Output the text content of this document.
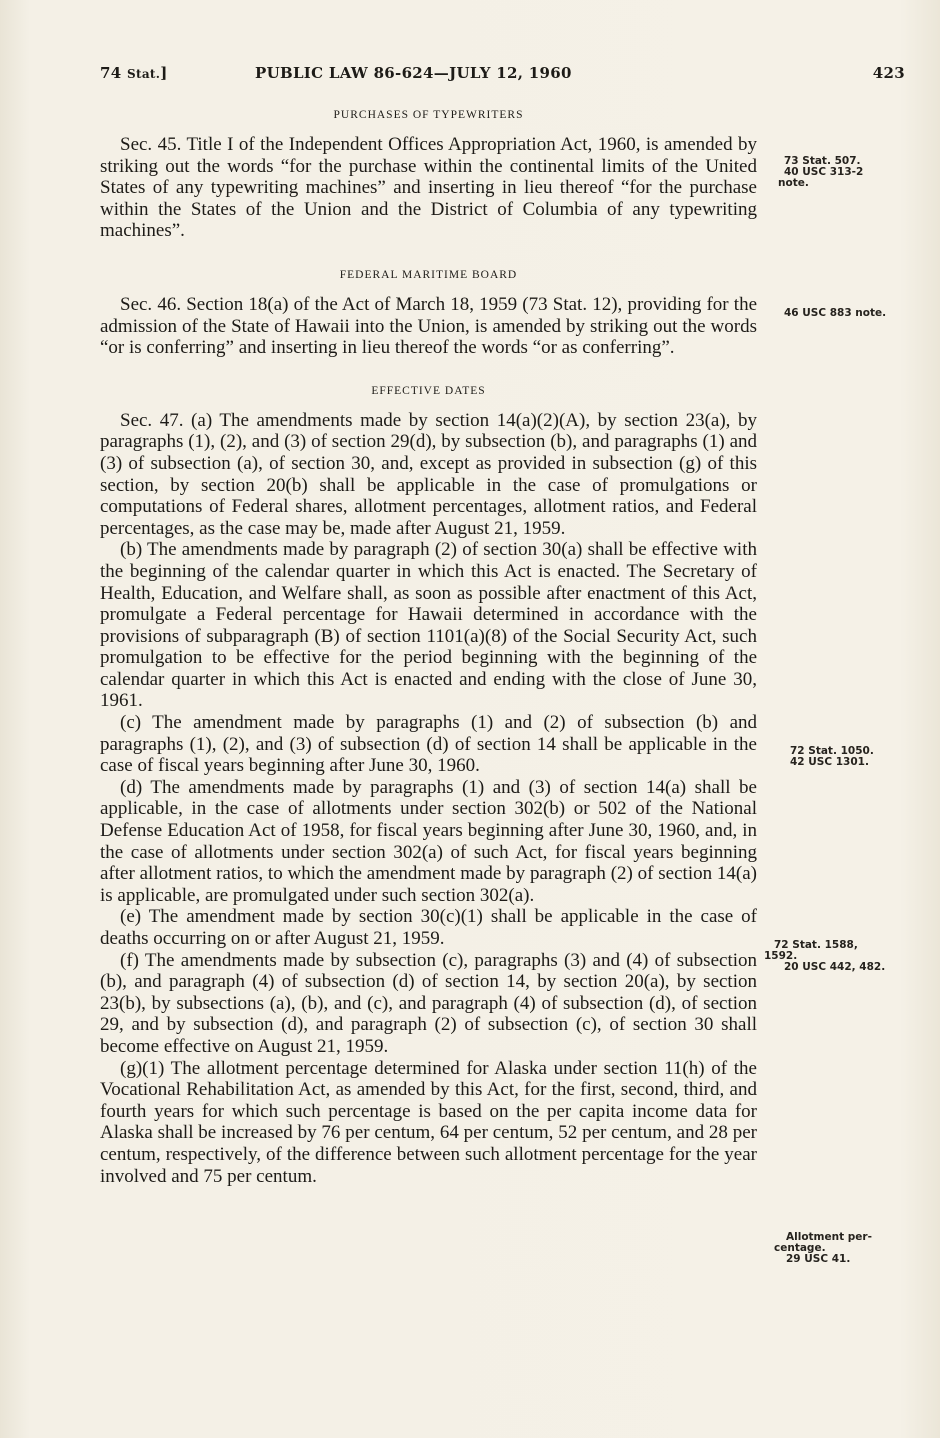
74 Stat.]	PUBLIC LAW 86-624—JULY 12, 1960	423
PURCHASES OF TYPEWRITERS

Sec. 45. Title I of the Independent Offices Appropriation Act, 1960, is amended by striking out the words “for the purchase within the continental limits of the United States of any typewriting machines” and inserting in lieu thereof “for the purchase within the States of the Union and the District of Columbia of any typewriting machines”.

FEDERAL MARITIME BOARD

Sec. 46. Section 18(a) of the Act of March 18, 1959 (73 Stat. 12), providing for the admission of the State of Hawaii into the Union, is amended by striking out the words “or is conferring” and inserting in lieu thereof the words “or as conferring”.

EFFECTIVE DATES

Sec. 47. (a) The amendments made by section 14(a)(2)(A), by section 23(a), by paragraphs (1), (2), and (3) of section 29(d), by subsection (b), and paragraphs (1) and (3) of subsection (a), of section 30, and, except as provided in subsection (g) of this section, by section 20(b) shall be applicable in the case of promulgations or computations of Federal shares, allotment percentages, allotment ratios, and Federal percentages, as the case may be, made after August 21, 1959.

(b) The amendments made by paragraph (2) of section 30(a) shall be effective with the beginning of the calendar quarter in which this Act is enacted. The Secretary of Health, Education, and Welfare shall, as soon as possible after enactment of this Act, promulgate a Federal percentage for Hawaii determined in accordance with the provisions of subparagraph (B) of section 1101(a)(8) of the Social Security Act, such promulgation to be effective for the period beginning with the beginning of the calendar quarter in which this Act is enacted and ending with the close of June 30, 1961.

(c) The amendment made by paragraphs (1) and (2) of subsection (b) and paragraphs (1), (2), and (3) of subsection (d) of section 14 shall be applicable in the case of fiscal years beginning after June 30, 1960.

(d) The amendments made by paragraphs (1) and (3) of section 14(a) shall be applicable, in the case of allotments under section 302(b) or 502 of the National Defense Education Act of 1958, for fiscal years beginning after June 30, 1960, and, in the case of allotments under section 302(a) of such Act, for fiscal years beginning after allotment ratios, to which the amendment made by paragraph (2) of section 14(a) is applicable, are promulgated under such section 302(a).

(e) The amendment made by section 30(c)(1) shall be applicable in the case of deaths occurring on or after August 21, 1959.

(f) The amendments made by subsection (c), paragraphs (3) and (4) of subsection (b), and paragraph (4) of subsection (d) of section 14, by section 20(a), by section 23(b), by subsections (a), (b), and (c), and paragraph (4) of subsection (d), of section 29, and by subsection (d), and paragraph (2) of subsection (c), of section 30 shall become effective on August 21, 1959.

(g)(1) The allotment percentage determined for Alaska under section 11(h) of the Vocational Rehabilitation Act, as amended by this Act, for the first, second, third, and fourth years for which such percentage is based on the per capita income data for Alaska shall be increased by 76 per centum, 64 per centum, 52 per centum, and 28 per centum, respectively, of the difference between such allotment percentage for the year involved and 75 per centum.

73 Stat. 507.
40 USC 313-2
note.
46 USC 883 note.
72 Stat. 1050.
42 USC 1301.
72 Stat. 1588,
1592.
20 USC 442, 482.
Allotment per-
centage.
29 USC 41.
